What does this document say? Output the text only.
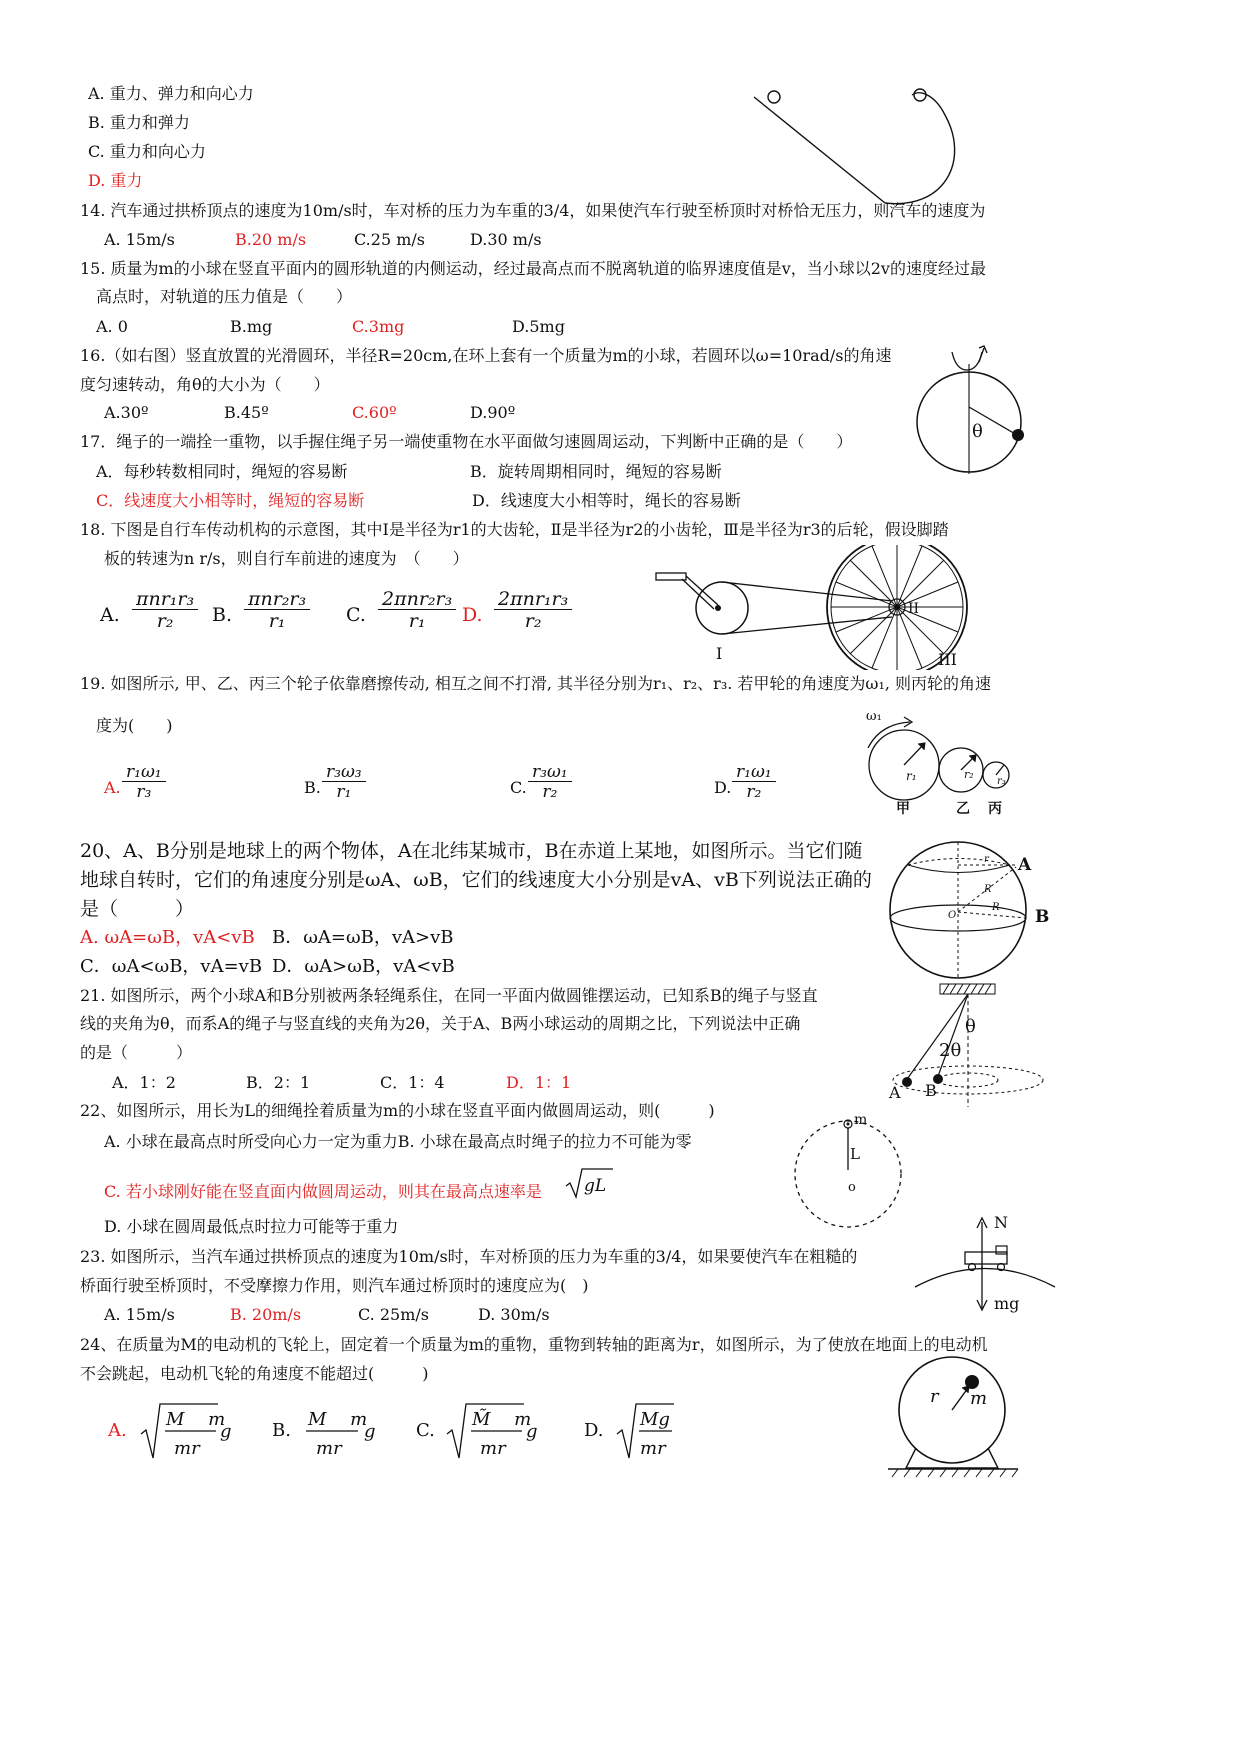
A. 重力、弹力和向心力
B. 重力和弹力
C. 重力和向心力
D. 重力
14. 汽车通过拱桥顶点的速度为10m/s时，车对桥的压力为车重的3/4，如果使汽车行驶至桥顶时对桥恰无压力，则汽车的速度为
A. 15m/s	B.20 m/s	C.25 m/s	D.30 m/s
15. 质量为m的小球在竖直平面内的圆形轨道的内侧运动，经过最高点而不脱离轨道的临界速度值是v，当小球以2v的速度经过最
高点时，对轨道的压力值是（　　）
A. 0	B.mg	C.3mg	D.5mg
16.（如右图）竖直放置的光滑圆环，半径R=20cm,在环上套有一个质量为m的小球，若圆环以ω=10rad/s的角速
度匀速转动，角θ的大小为（　　）
A.30º	B.45º	C.60º	D.90º
θ
17．绳子的一端拴一重物，以手握住绳子另一端使重物在水平面做匀速圆周运动，下判断中正确的是（　　）
A．每秒转数相同时，绳短的容易断	B．旋转周期相同时，绳短的容易断
C．线速度大小相等时，绳短的容易断	D．线速度大小相等时，绳长的容易断
18. 下图是自行车传动机构的示意图，其中Ⅰ是半径为r1的大齿轮，Ⅱ是半径为r2的小齿轮，Ⅲ是半径为r3的后轮，假设脚踏
板的转速为n r/s，则自行车前进的速度为　（　　）
A.
πnr₁r₃
r₂	B.
πnr₂r₃
r₁	C.
2πnr₂r₃
r₁	D.
2πnr₁r₃
r₂
I
II
III
19. 如图所示, 甲、乙、丙三个轮子依靠磨擦传动, 相互之间不打滑, 其半径分别为r₁、r₂、r₃. 若甲轮的角速度为ω₁, 则丙轮的角速
度为(　　)
A. $\frac{\text{r₁ω₁}}{\text{r₃}}$	B. $\frac{\text{r₃ω₃}}{\text{r₁}}$	C. $\frac{\text{r₃ω₁}}{\text{r₂}}$	D. $\frac{\text{r₁ω₁}}{\text{r₂}}$
ω₁
r₁	r₂
r₃
甲	乙 丙
20、A、B分别是地球上的两个物体，A在北纬某城市，B在赤道上某地，如图所示。当它们随
地球自转时，它们的角速度分别是ωA、ωB，它们的线速度大小分别是vA、vB下列说法正确的
是（　　　）
A. ωA=ωB，vA<vB B．ωA=ωB，vA>vB
C．ωA<ωB，vA=vB D．ωA>ωB，vA<vB
A
B
r
R
R
O
21. 如图所示，两个小球A和B分别被两条轻绳系住，在同一平面内做圆锥摆运动，已知系B的绳子与竖直
线的夹角为θ，而系A的绳子与竖直线的夹角为2θ，关于A、B两小球运动的周期之比，下列说法中正确
的是（　　　）
A．1：2	B．2：1	C．1：4	D．1：1
θ
2θ
A B
22、如图所示，用长为L的细绳拴着质量为m的小球在竖直平面内做圆周运动，则(　　　)
A. 小球在最高点时所受向心力一定为重力B. 小球在最高点时绳子的拉力不可能为零
C. 若小球刚好能在竖直面内做圆周运动，则其在最高点速率是 gL
D. 小球在圆周最低点时拉力可能等于重力
m
L
o
23. 如图所示，当汽车通过拱桥顶点的速度为10m/s时，车对桥顶的压力为车重的3/4，如果要使汽车在粗糙的
桥面行驶至桥顶时，不受摩擦力作用，则汽车通过桥顶时的速度应为(　)
A. 15m/s	B. 20m/s	C. 25m/s	D. 30m/s
N
mg
24、在质量为M的电动机的飞轮上，固定着一个质量为m的重物，重物到转轴的距离为r，如图所示，为了使放在地面上的电动机
不会跳起，电动机飞轮的角速度不能超过(　　　)
A.
M　 m
mr
g B.
M　 m
mr
g C.
M̃　 m
mr
g	D.
Mg
mr
r m
